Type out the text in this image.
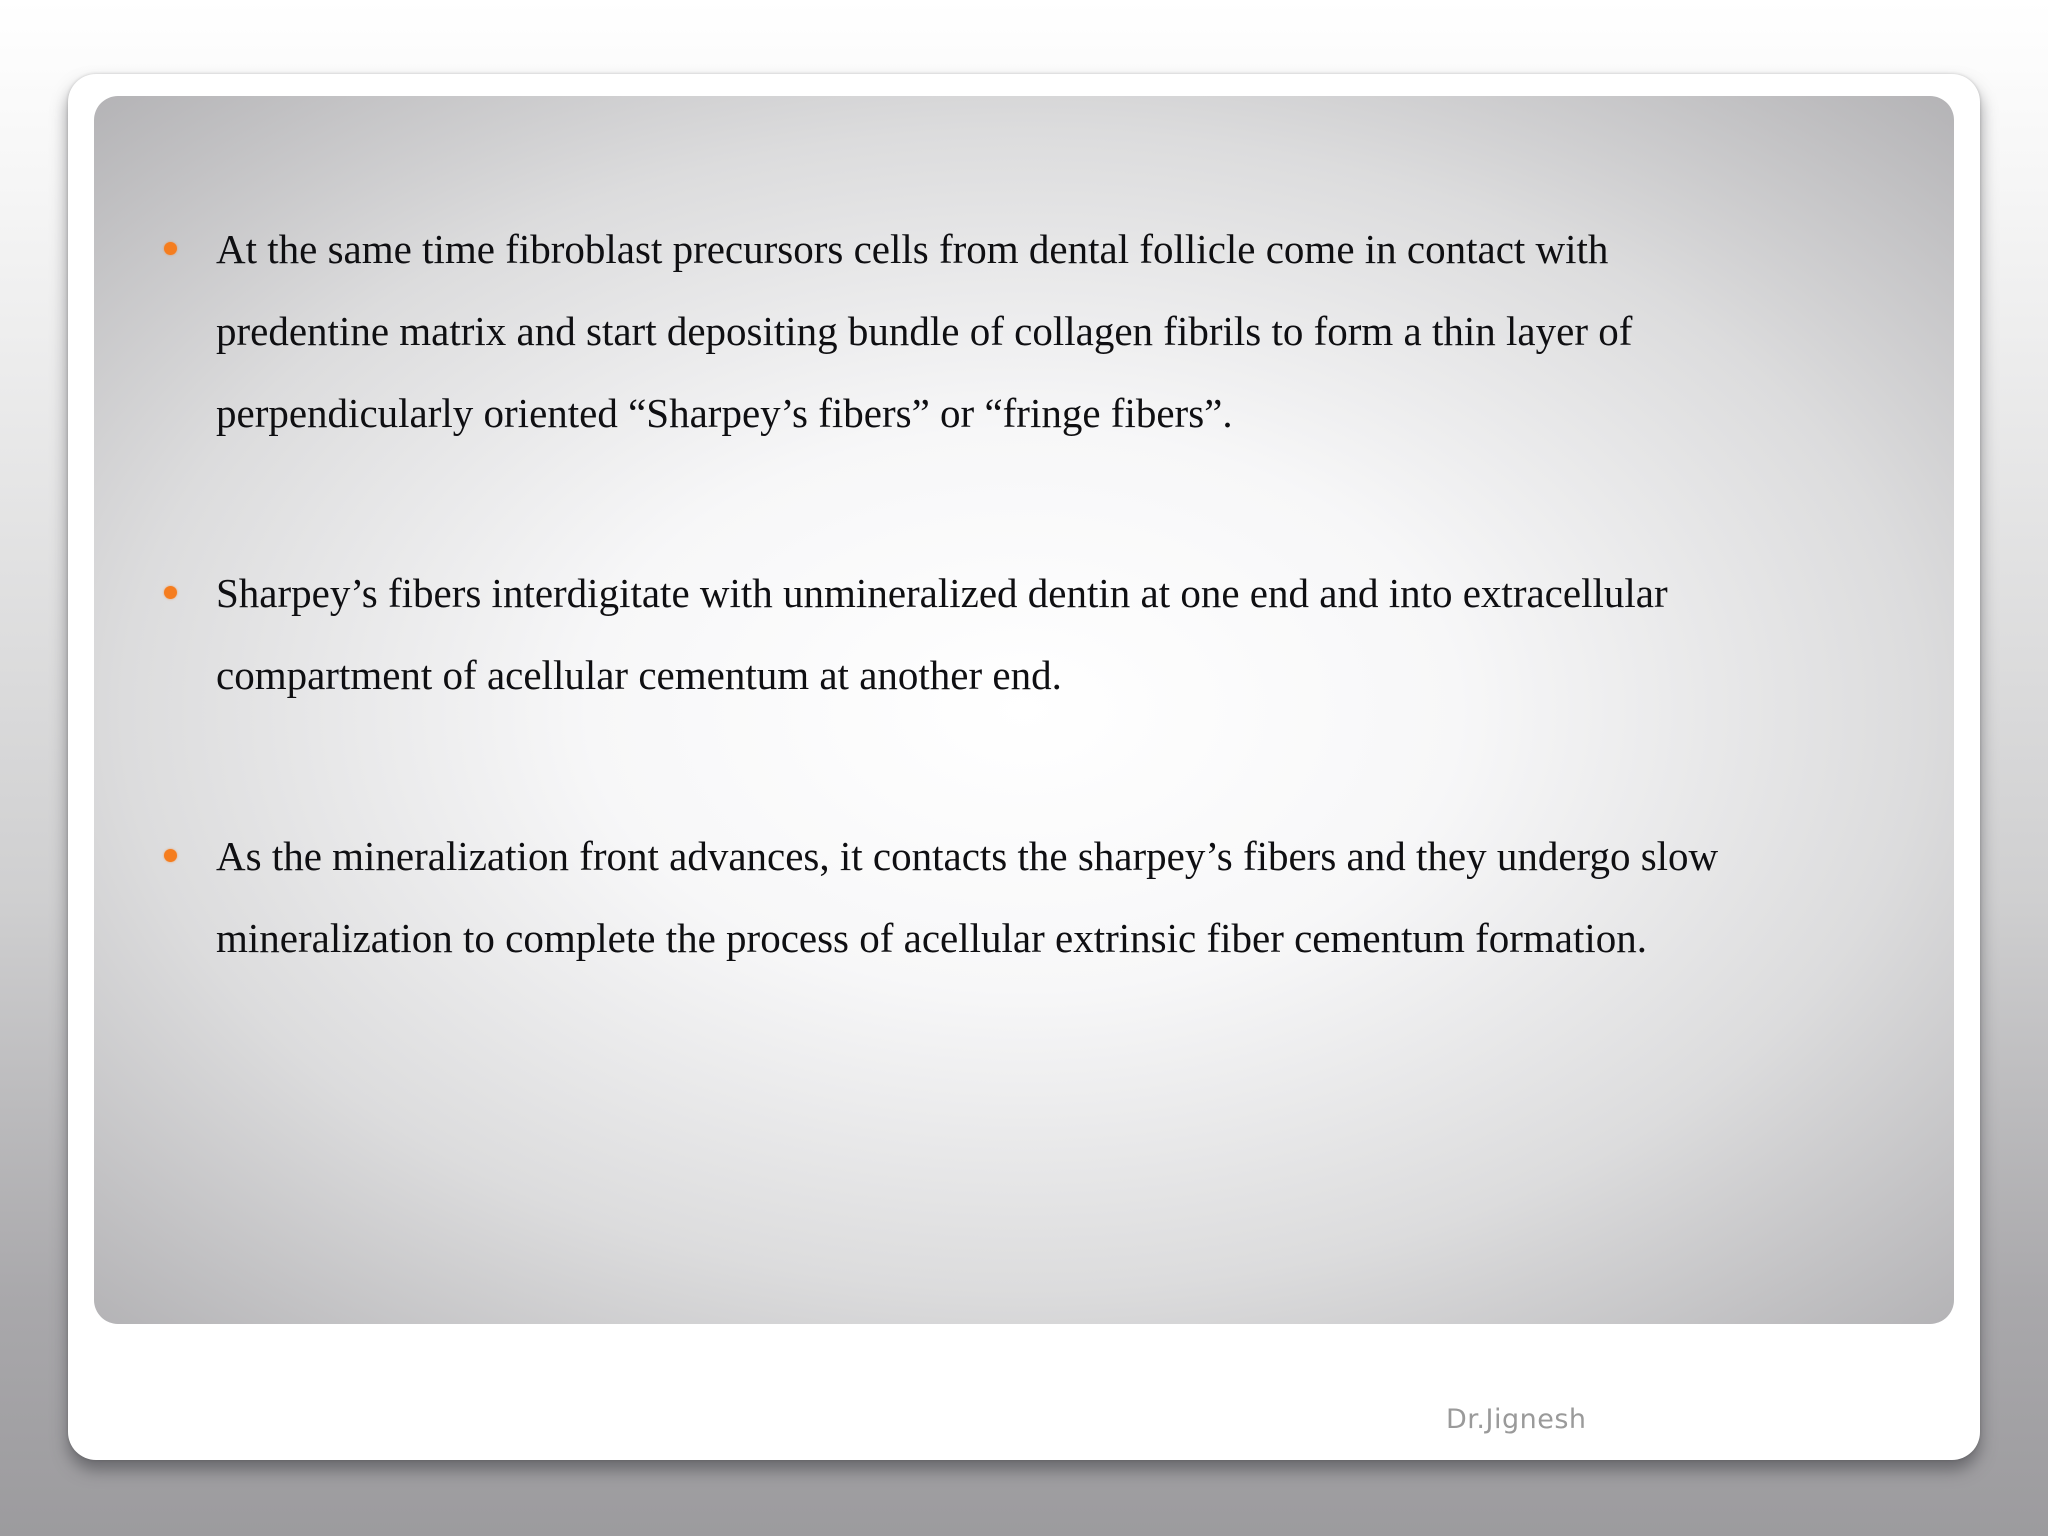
At the same time fibroblast precursors cells from dental follicle come in contact with
predentine matrix and start depositing bundle of collagen fibrils to form a thin layer of
perpendicularly oriented “Sharpey’s fibers” or “fringe fibers”.

Sharpey’s fibers interdigitate with unmineralized dentin at one end and into extracellular
compartment of acellular cementum at another end.

As the mineralization front advances, it contacts the sharpey’s fibers and they undergo slow
mineralization to complete the process of acellular extrinsic fiber cementum formation.

Dr.Jignesh
